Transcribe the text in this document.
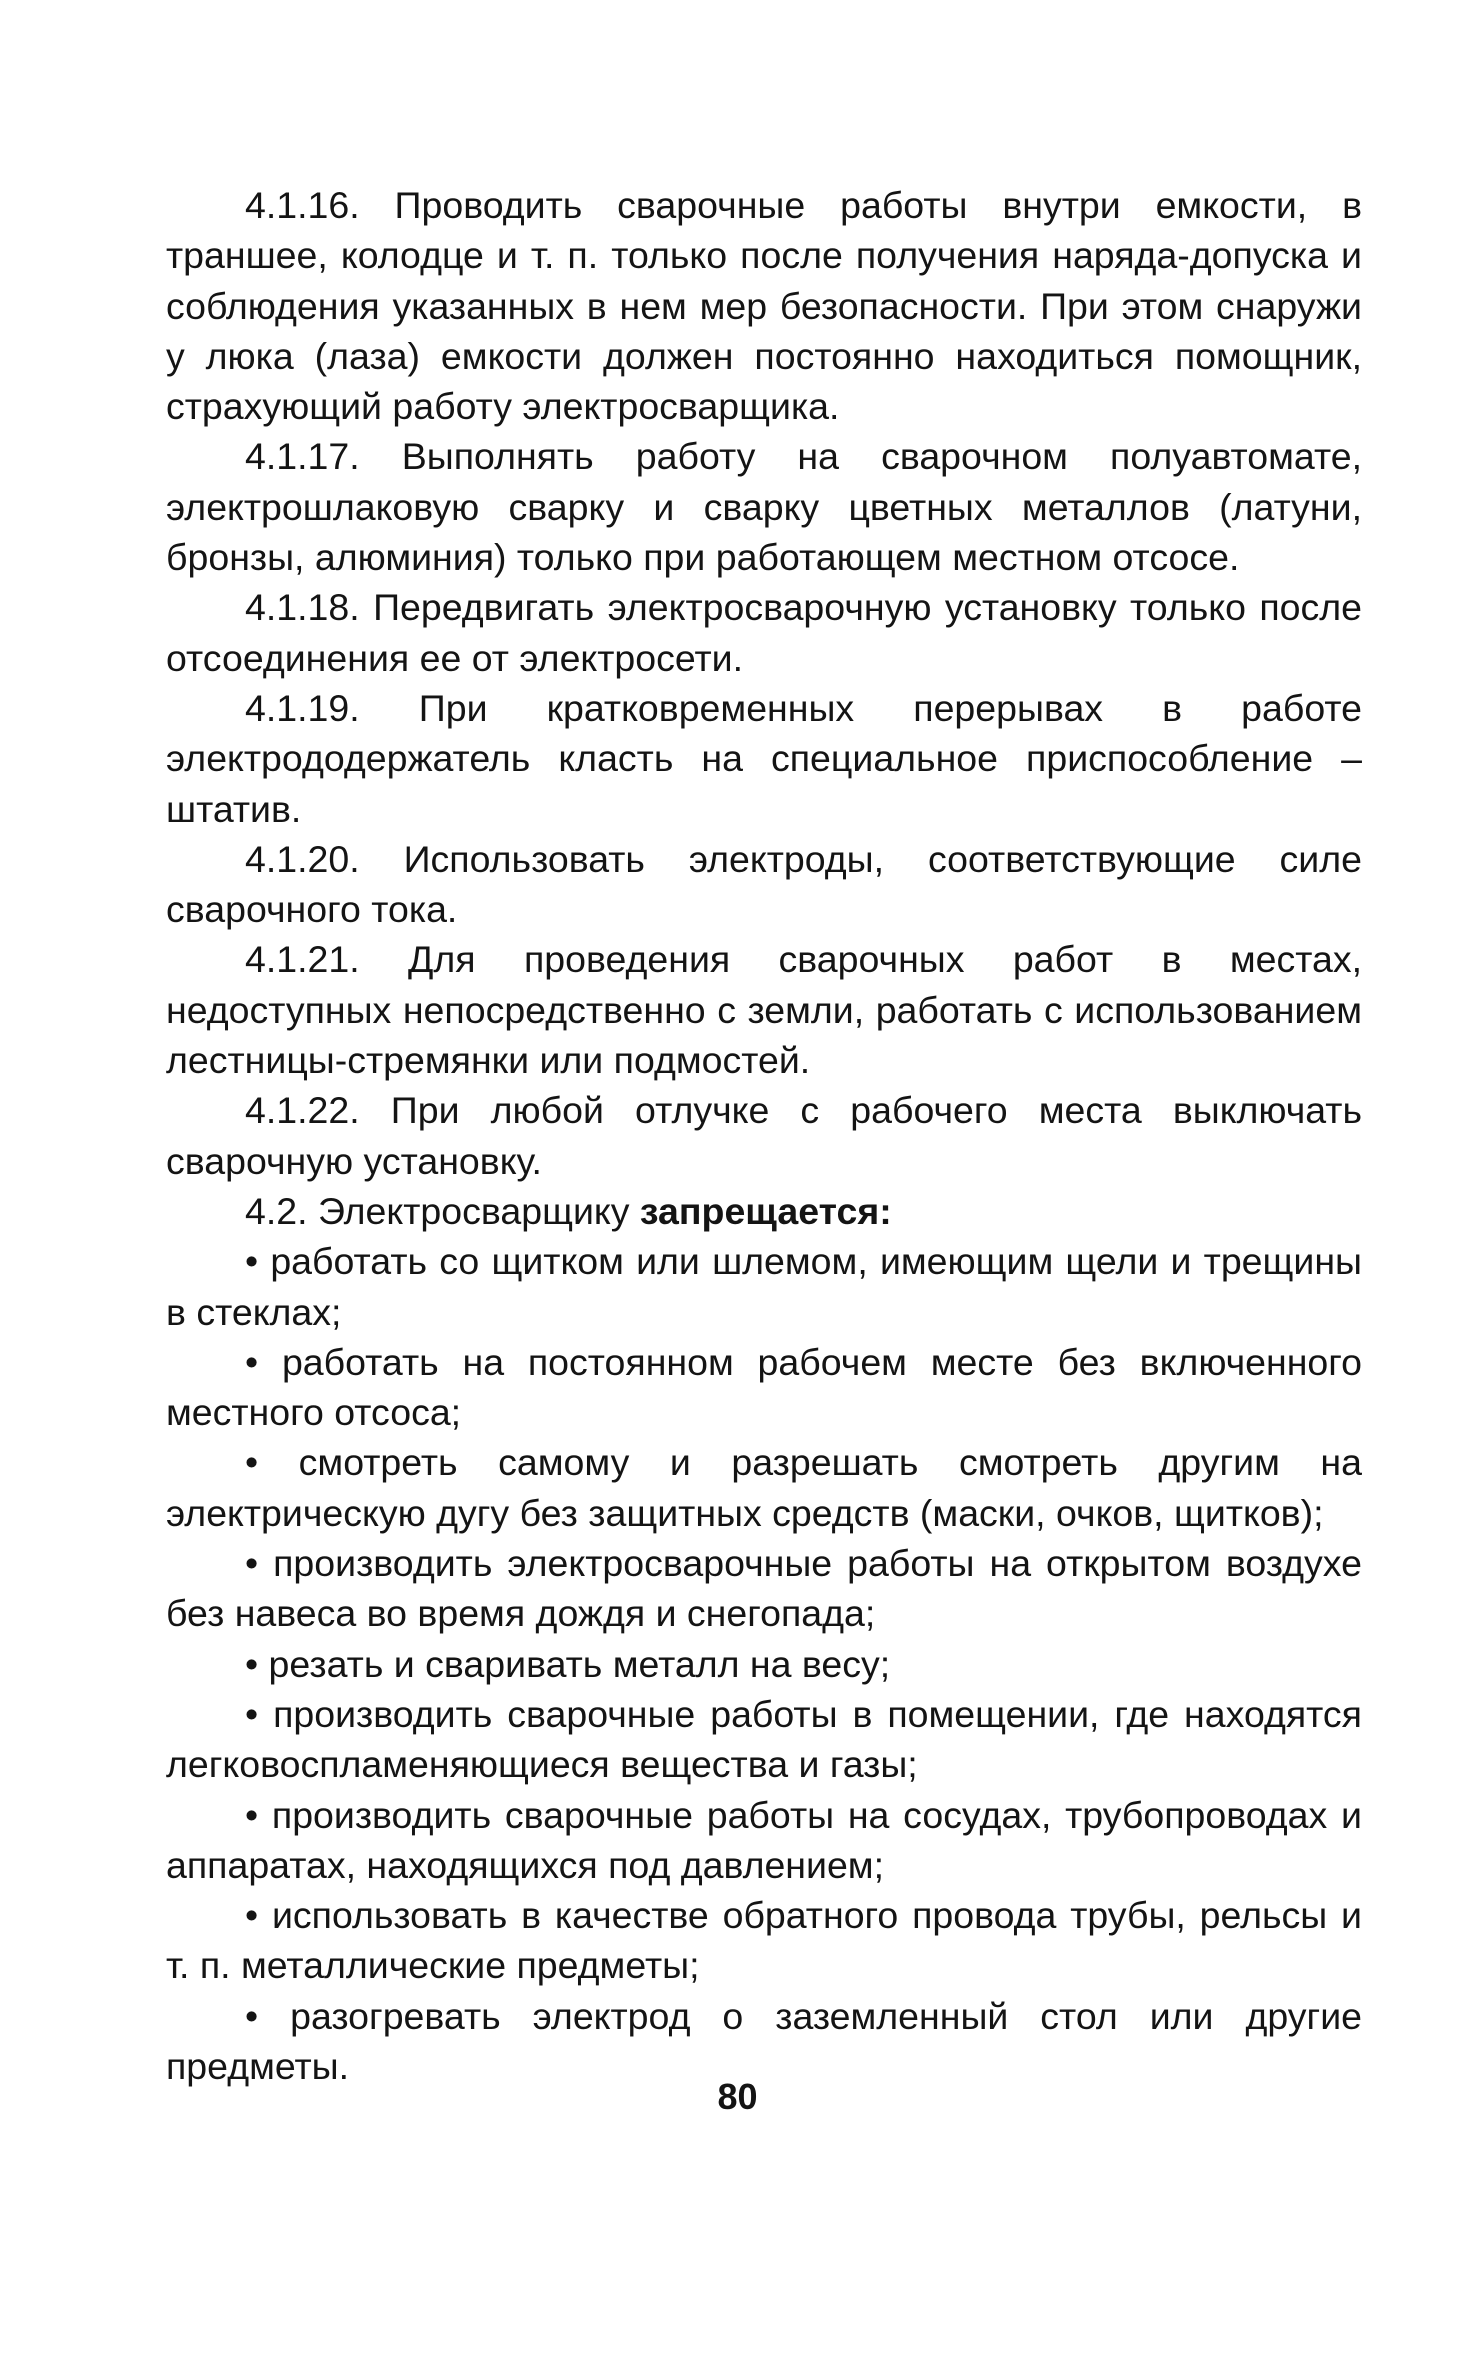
4.1.16. Проводить сварочные работы внутри емкости, в траншее, колодце и т. п. только после получения наряда-допуска и соблюдения указанных в нем мер безопасности. При этом снаружи у люка (лаза) емкости должен постоянно находиться помощник, страхующий работу электросварщика.

4.1.17. Выполнять работу на сварочном полуавтомате, электрошлаковую сварку и сварку цветных металлов (латуни, бронзы, алюминия) только при работающем местном отсосе.

4.1.18. Передвигать электросварочную установку только после отсоединения ее от электросети.

4.1.19. При кратковременных перерывах в работе электрододержатель класть на специальное приспособление – штатив.

4.1.20. Использовать электроды, соответствующие силе сварочного тока.

4.1.21. Для проведения сварочных работ в местах, недоступных непосредственно с земли, работать с использованием лестницы-стремянки или подмостей.

4.1.22. При любой отлучке с рабочего места выключать сварочную установку.

4.2. Электросварщику запрещается:

• работать со щитком или шлемом, имеющим щели и трещины в стеклах;

• работать на постоянном рабочем месте без включенного местного отсоса;

• смотреть самому и разрешать смотреть другим на электрическую дугу без защитных средств (маски, очков, щитков);

• производить электросварочные работы на открытом воздухе без навеса во время дождя и снегопада;

• резать и сваривать металл на весу;

• производить сварочные работы в помещении, где находятся легковоспламеняющиеся вещества и газы;

• производить сварочные работы на сосудах, трубопроводах и аппаратах, находящихся под давлением;

• использовать в качестве обратного провода трубы, рельсы и т. п. металлические предметы;

• разогревать электрод о заземленный стол или другие предметы.

80
